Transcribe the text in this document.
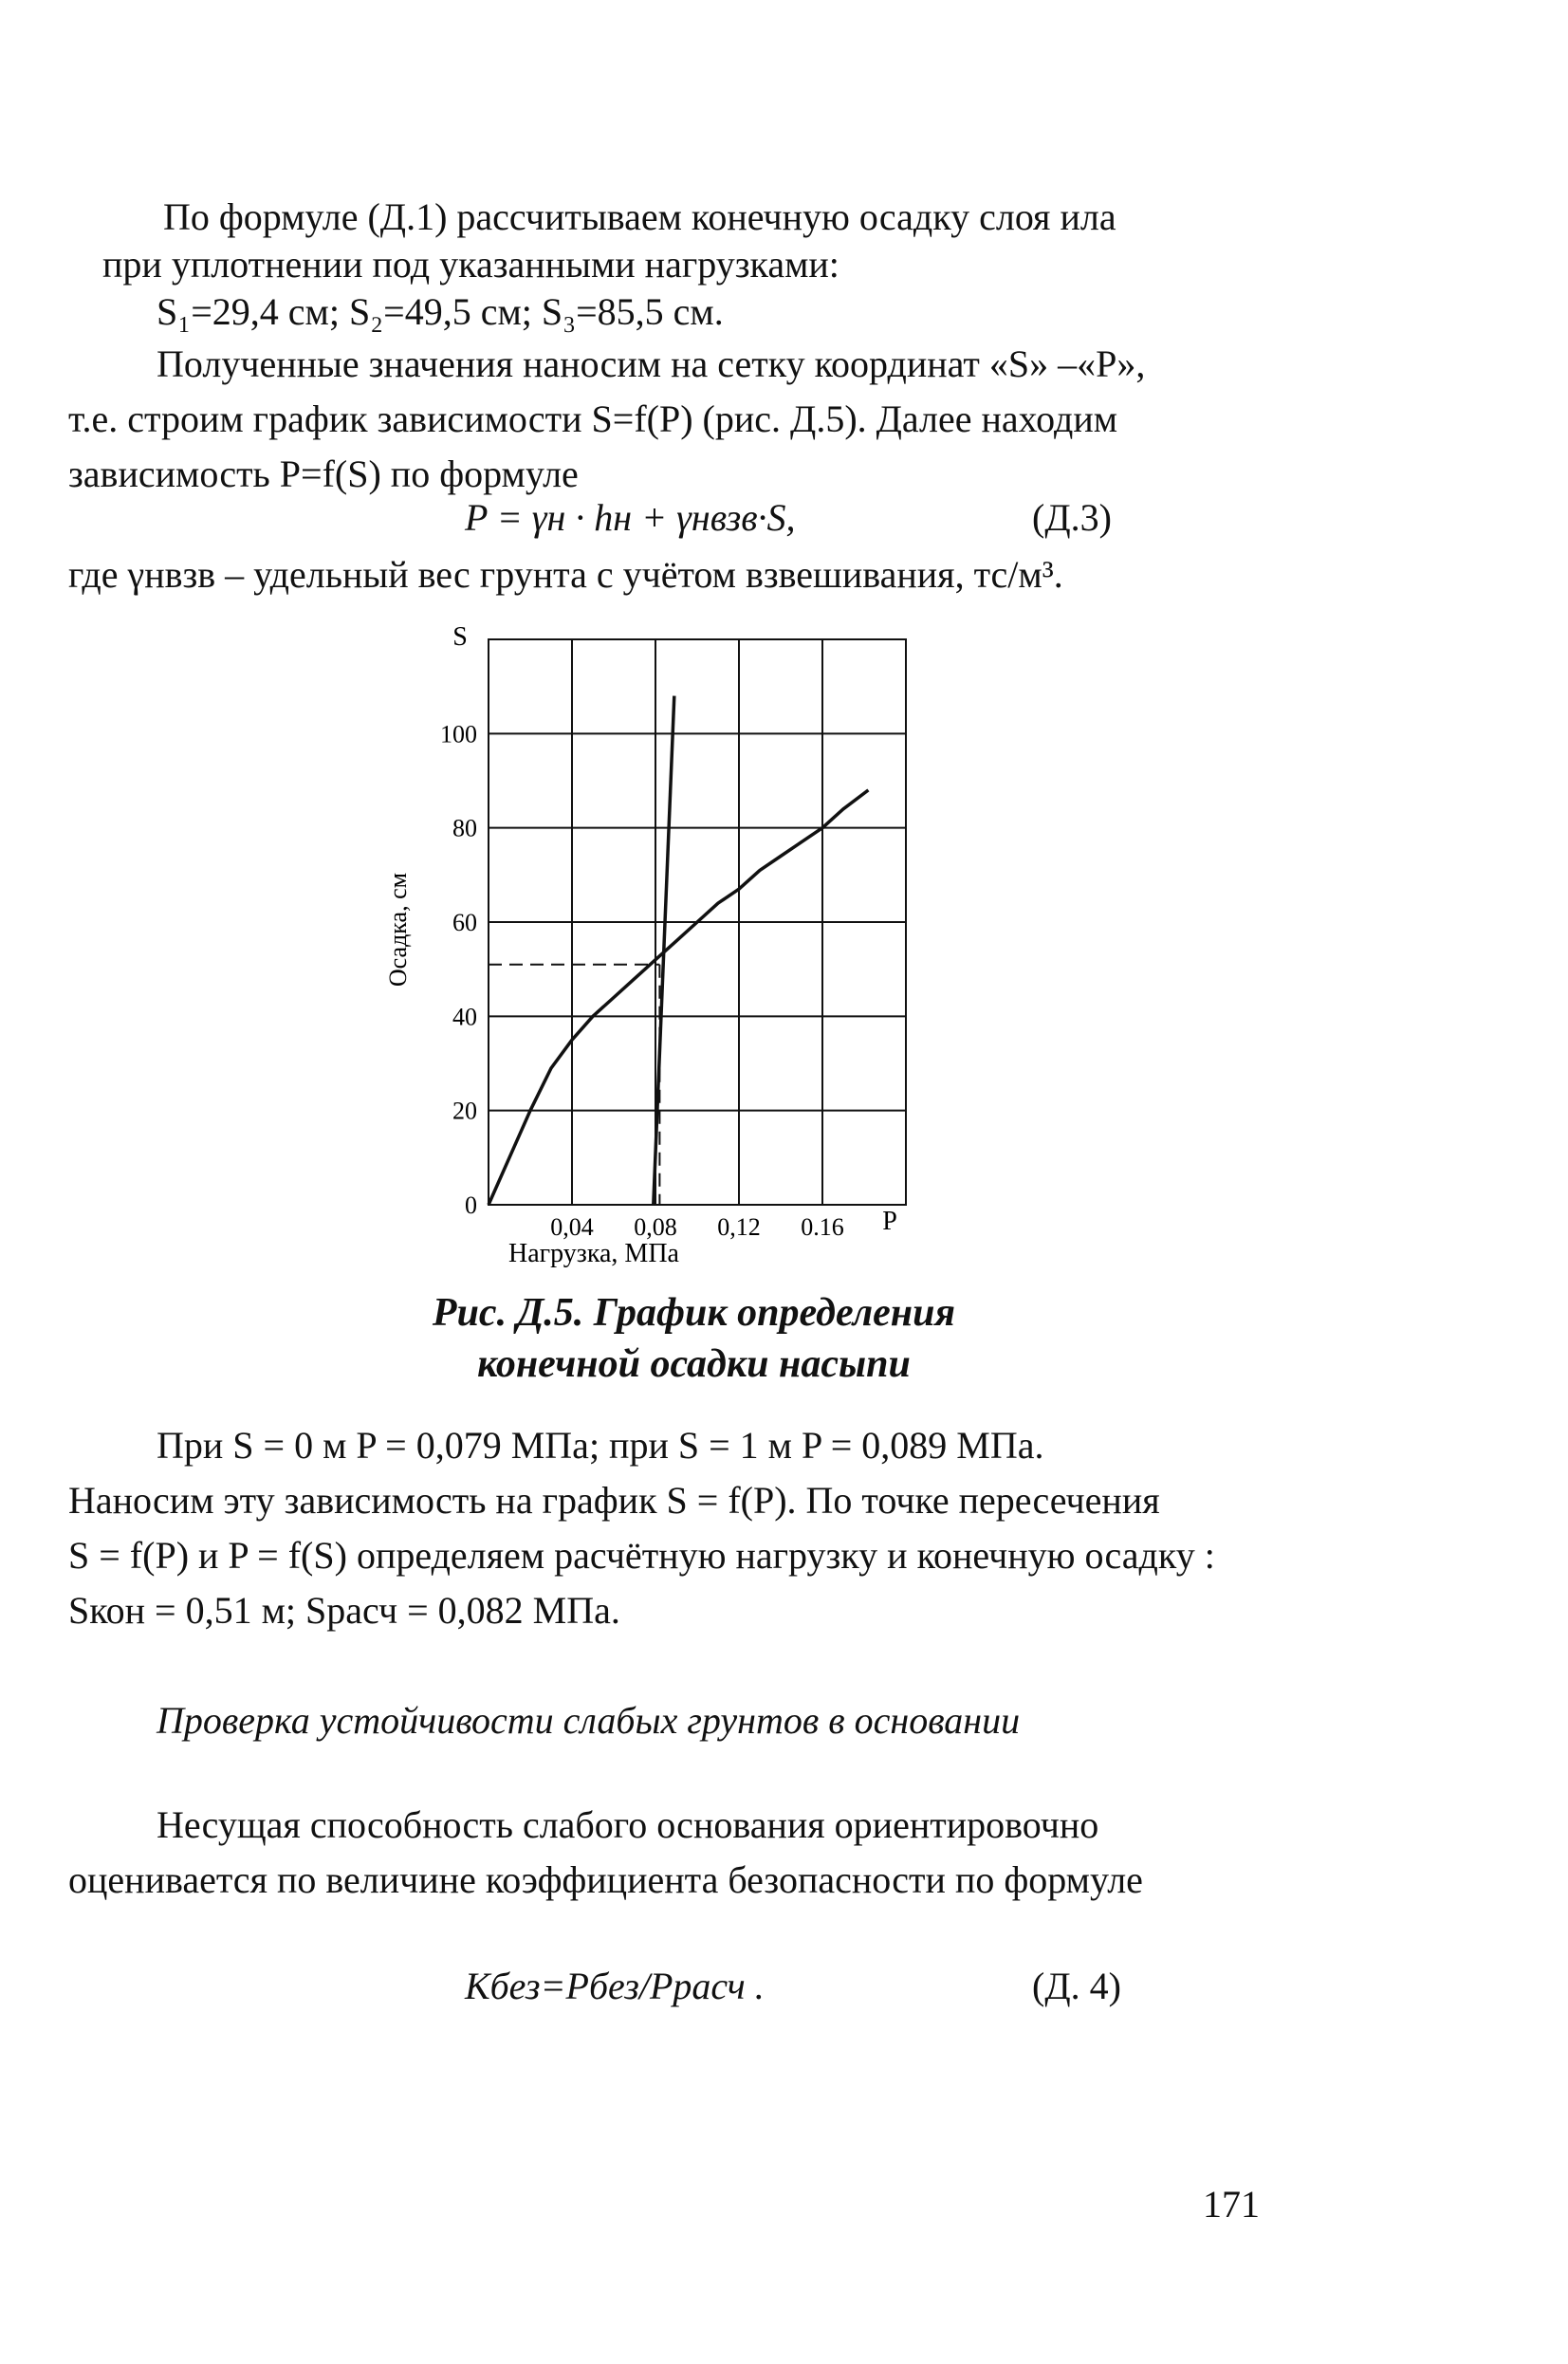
По формуле (Д.1) рассчитываем конечную осадку слоя ила
при уплотнении под указанными нагрузками:
S₁=29,4 см; S₂=49,5 см; S₃=85,5 см.
Полученные значения наносим на сетку координат «S» –«P»,
т.е. строим график зависимости S=f(P) (рис. Д.5). Далее находим
зависимость P=f(S) по формуле
P = γн · hн + γнвзв·S,	(Д.3)
где γнвзв – удельный вес грунта с учётом взвешивания, тс/м³.
0
20
40
60
80
100
0,04 0,08 0,12 0.16
Осадка, см
Нагрузка, МПа
S
P
Рис. Д.5. График определения
конечной осадки насыпи
При S = 0 м P = 0,079 МПа; при S = 1 м P = 0,089 МПа.
Наносим эту зависимость на график S = f(P). По точке пересечения
S = f(P) и P = f(S) определяем расчётную нагрузку и конечную осадку :
Sкон = 0,51 м; Sрасч = 0,082 МПа.
Проверка устойчивости слабых грунтов в основании
Несущая способность слабого основания ориентировочно
оценивается по величине коэффициента безопасности по формуле
Кбез=Pбез/Pрасч .	(Д. 4)
171
